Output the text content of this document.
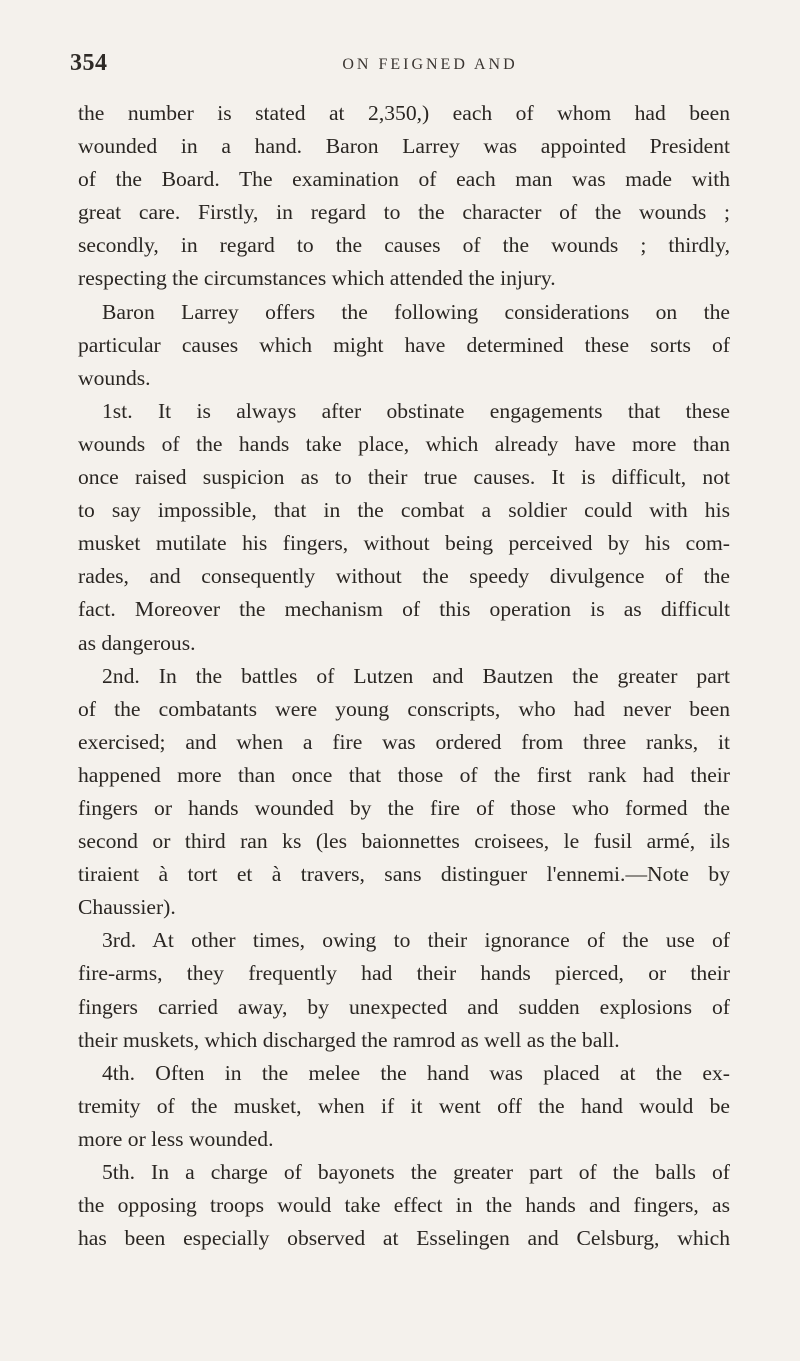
354	ON FEIGNED AND

the number is stated at 2,350,) each of whom had been

wounded in a hand. Baron Larrey was appointed President

of the Board. The examination of each man was made with

great care. Firstly, in regard to the character of the wounds ;

secondly, in regard to the causes of the wounds ; thirdly,

respecting the circumstances which attended the injury.

Baron Larrey offers the following considerations on the

particular causes which might have determined these sorts of

wounds.

1st. It is always after obstinate engagements that these

wounds of the hands take place, which already have more than

once raised suspicion as to their true causes. It is difficult, not

to say impossible, that in the combat a soldier could with his

musket mutilate his fingers, without being perceived by his com-

rades, and consequently without the speedy divulgence of the

fact. Moreover the mechanism of this operation is as difficult

as dangerous.

2nd. In the battles of Lutzen and Bautzen the greater part

of the combatants were young conscripts, who had never been

exercised; and when a fire was ordered from three ranks, it

happened more than once that those of the first rank had their

fingers or hands wounded by the fire of those who formed the

second or third ran ks (les baionnettes croisees, le fusil armé, ils

tiraient à tort et à travers, sans distinguer l'ennemi.—Note by

Chaussier).

3rd. At other times, owing to their ignorance of the use of

fire-arms, they frequently had their hands pierced, or their

fingers carried away, by unexpected and sudden explosions of

their muskets, which discharged the ramrod as well as the ball.

4th. Often in the melee the hand was placed at the ex-

tremity of the musket, when if it went off the hand would be

more or less wounded.

5th. In a charge of bayonets the greater part of the balls of

the opposing troops would take effect in the hands and fingers, as

has been especially observed at Esselingen and Celsburg, which
